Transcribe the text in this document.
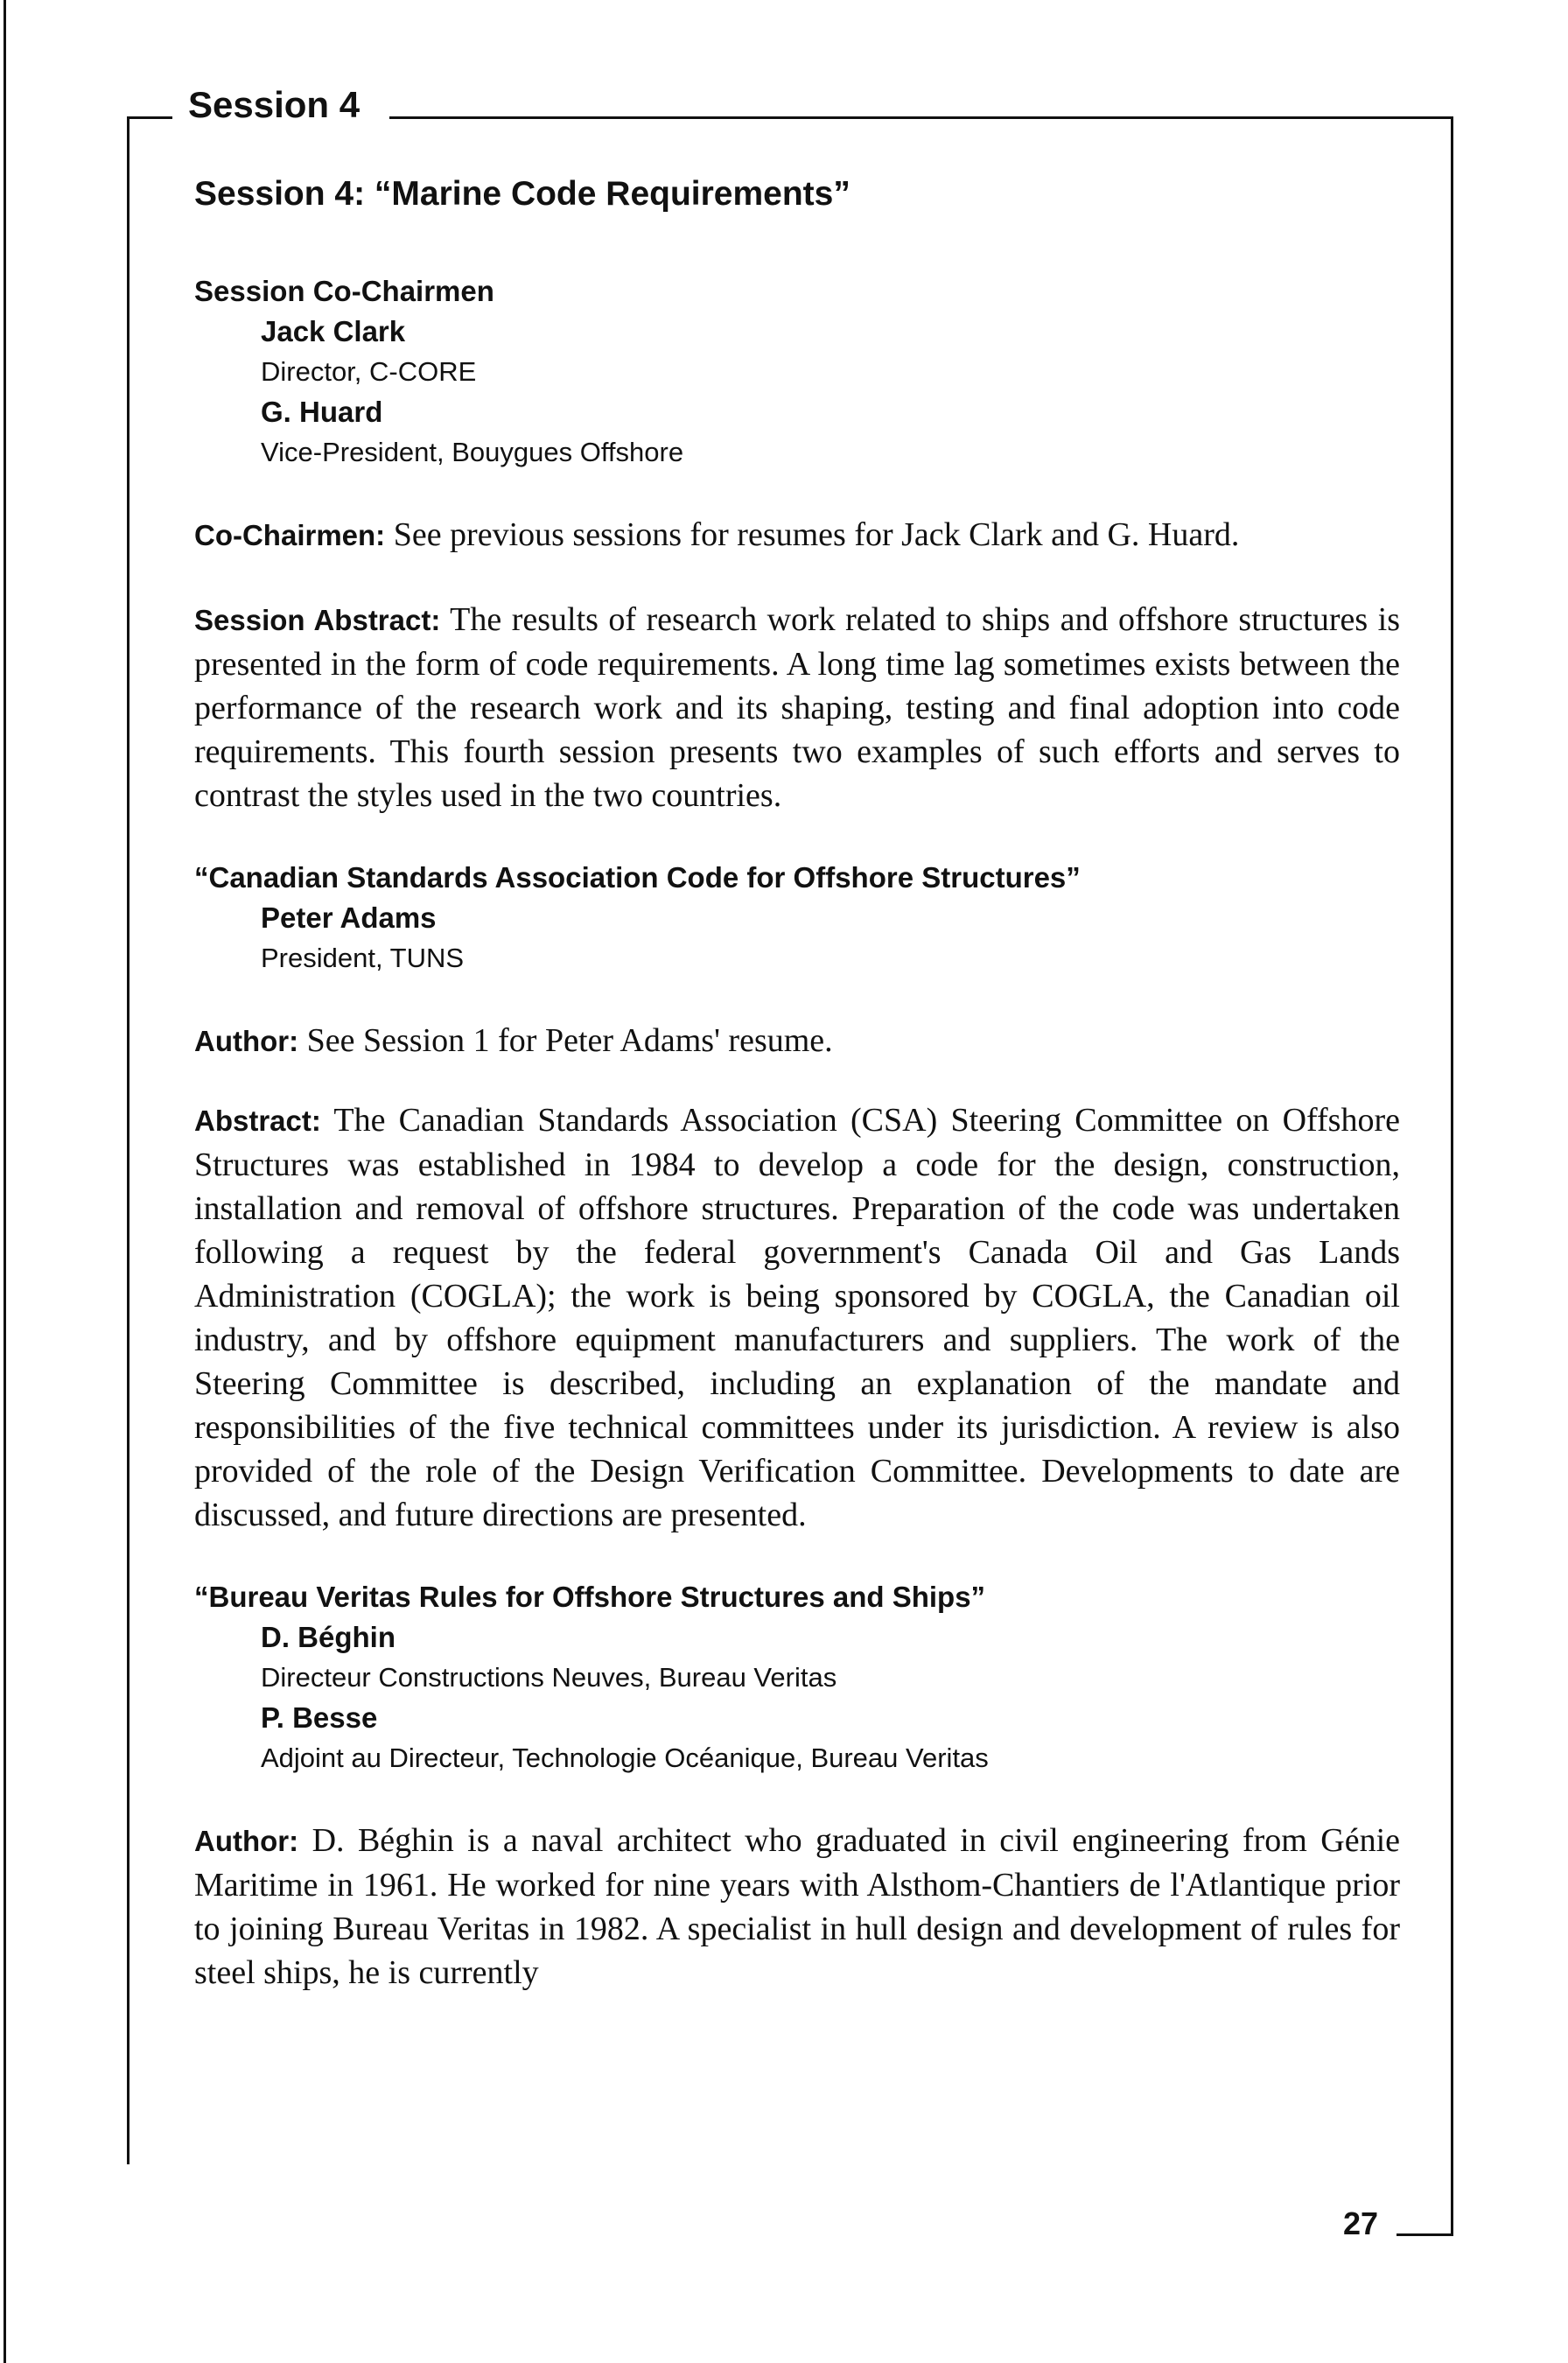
Session 4
27
Session 4: “Marine Code Requirements”

Session Co-Chairmen

Jack Clark

Director, C-CORE

G. Huard

Vice-President, Bouygues Offshore

Co-Chairmen: See previous sessions for resumes for Jack Clark and G. Huard.

Session Abstract: The results of research work related to ships and offshore structures is presented in the form of code requirements. A long time lag sometimes exists between the performance of the research work and its shaping, testing and final adoption into code requirements. This fourth session presents two examples of such efforts and serves to contrast the styles used in the two countries.

“Canadian Standards Association Code for Offshore Structures”

Peter Adams

President, TUNS

Author: See Session 1 for Peter Adams' resume.

Abstract: The Canadian Standards Association (CSA) Steering Committee on Offshore Structures was established in 1984 to develop a code for the design, construction, installation and removal of offshore structures. Preparation of the code was undertaken following a request by the federal government's Canada Oil and Gas Lands Administration (COGLA); the work is being sponsored by COGLA, the Canadian oil industry, and by offshore equipment manufacturers and suppliers. The work of the Steering Committee is described, including an explanation of the mandate and responsibilities of the five technical committees under its jurisdiction. A review is also provided of the role of the Design Verification Committee. Developments to date are discussed, and future directions are presented.

“Bureau Veritas Rules for Offshore Structures and Ships”

D. Béghin

Directeur Constructions Neuves, Bureau Veritas

P. Besse

Adjoint au Directeur, Technologie Océanique, Bureau Veritas

Author: D. Béghin is a naval architect who graduated in civil engineering from Génie Maritime in 1961. He worked for nine years with Alsthom-Chantiers de l'Atlantique prior to joining Bureau Veritas in 1982. A specialist in hull design and development of rules for steel ships, he is currently
